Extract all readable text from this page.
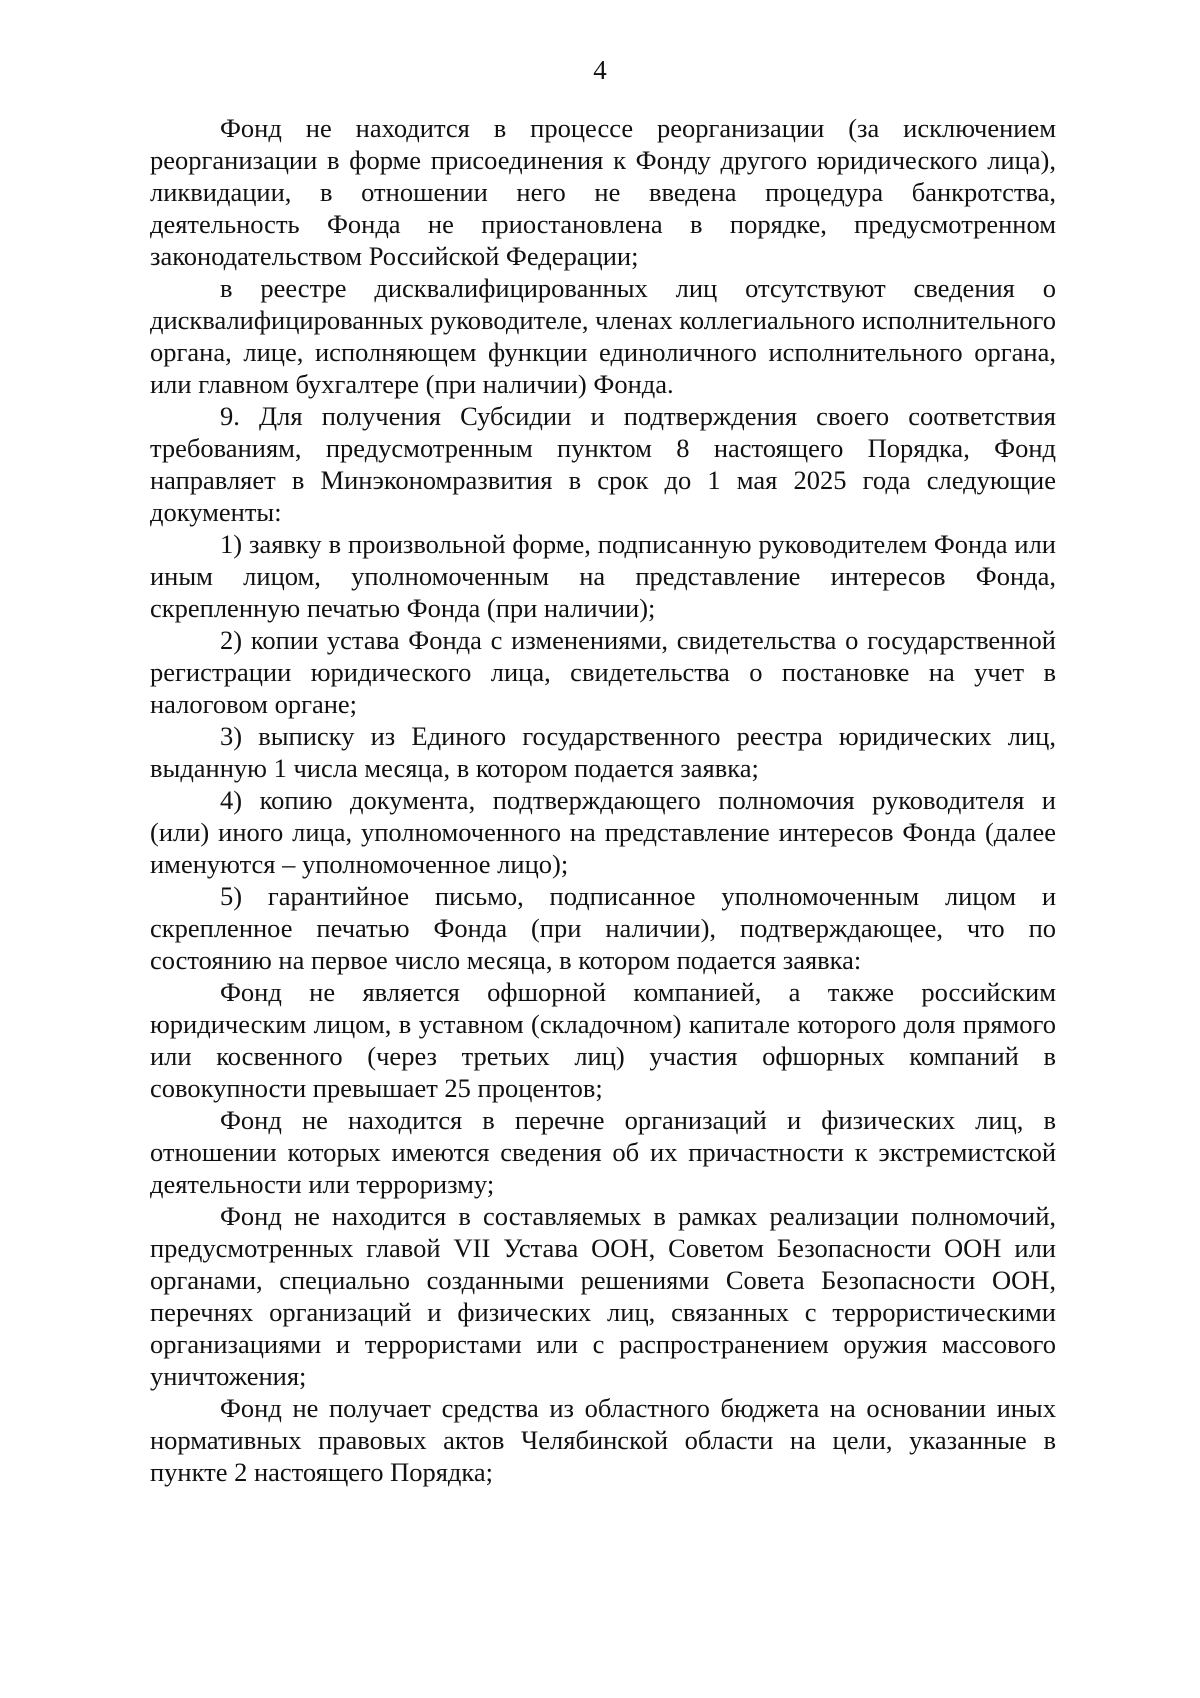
4

Фонд не находится в процессе реорганизации (за исключением реорганизации в форме присоединения к Фонду другого юридического лица), ликвидации, в отношении него не введена процедура банкротства, деятельность Фонда не приостановлена в порядке, предусмотренном законодательством Российской Федерации;

в реестре дисквалифицированных лиц отсутствуют сведения о дисквалифицированных руководителе, членах коллегиального исполнительного органа, лице, исполняющем функции единоличного исполнительного органа, или главном бухгалтере (при наличии) Фонда.

9. Для получения Субсидии и подтверждения своего соответствия требованиям, предусмотренным пунктом 8 настоящего Порядка, Фонд направляет в Минэкономразвития в срок до 1 мая 2025 года следующие документы:

1) заявку в произвольной форме, подписанную руководителем Фонда или иным лицом, уполномоченным на представление интересов Фонда, скрепленную печатью Фонда (при наличии);

2) копии устава Фонда с изменениями, свидетельства о государственной регистрации юридического лица, свидетельства о постановке на учет в налоговом органе;

3) выписку из Единого государственного реестра юридических лиц, выданную 1 числа месяца, в котором подается заявка;

4) копию документа, подтверждающего полномочия руководителя и (или) иного лица, уполномоченного на представление интересов Фонда (далее именуются – уполномоченное лицо);

5) гарантийное письмо, подписанное уполномоченным лицом и скрепленное печатью Фонда (при наличии), подтверждающее, что по состоянию на первое число месяца, в котором подается заявка:

Фонд не является офшорной компанией, а также российским юридическим лицом, в уставном (складочном) капитале которого доля прямого или косвенного (через третьих лиц) участия офшорных компаний в совокупности превышает 25 процентов;

Фонд не находится в перечне организаций и физических лиц, в отношении которых имеются сведения об их причастности к экстремистской деятельности или терроризму;

Фонд не находится в составляемых в рамках реализации полномочий, предусмотренных главой VII Устава ООН, Советом Безопасности ООН или органами, специально созданными решениями Совета Безопасности ООН, перечнях организаций и физических лиц, связанных с террористическими организациями и террористами или с распространением оружия массового уничтожения;

Фонд не получает средства из областного бюджета на основании иных нормативных правовых актов Челябинской области на цели, указанные в пункте 2 настоящего Порядка;
